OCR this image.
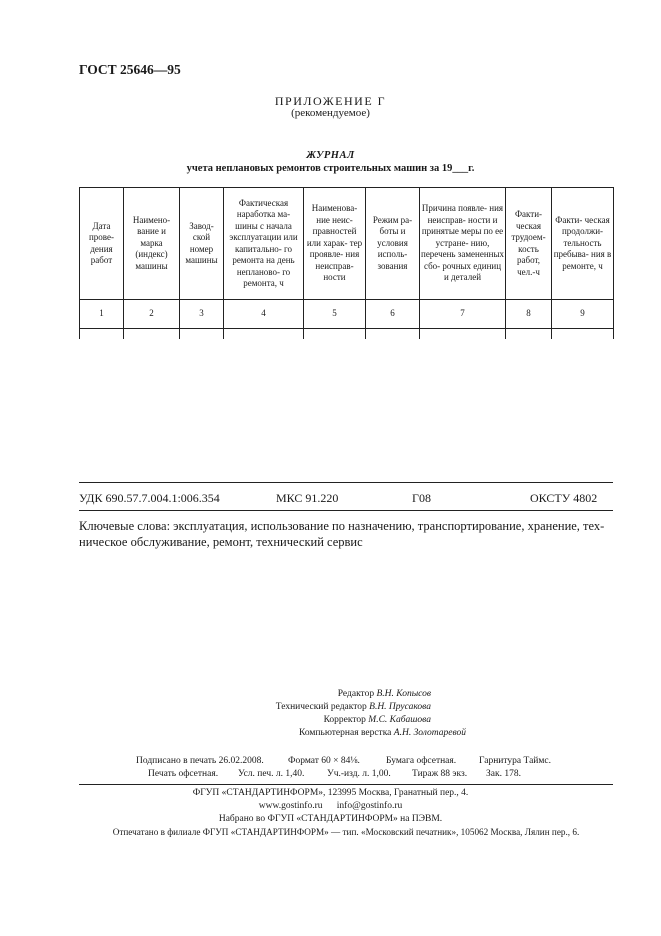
ГОСТ 25646—95
ПРИЛОЖЕНИЕ Г
(рекомендуемое)
ЖУРНАЛ
учета неплановых ремонтов строительных машин за 19___г.
Дата прове- дения работ	Наимено- вание и марка (индекс) машины	Завод- ской номер машины	Фактическая наработка ма- шины с начала эксплуатации или капитально- го ремонта на день непланово- го ремонта, ч	Наименова- ние неис- правностей или харак- тер проявле- ния неиспрaв- ности	Режим ра- боты и условия исполь- зования	Причина появле- ния неисправ- ности и принятые меры по ее устране- нию, перечень замененных сбо- рочных единиц и деталей	Факти- ческая трудоем- кость работ, чел.-ч	Факти- ческая продолжи- тельность пребыва- ния в ремонте, ч
1	2	3	4	5	6	7	8	9

УДК 690.57.7.004.1:006.354	МКС 91.220	Г08	ОКСТУ 4802
Ключевые слова: эксплуатация, использование по назначению, транспортирование, хранение, тех- ническое обслуживание, ремонт, технический сервис
Редактор В.Н. Копысов
Технический редактор В.Н. Прусакова
Корректор М.С. Кабашова
Компьютерная верстка А.Н. Золотаревой
Подписано в печать 26.02.2008.	Формат 60 × 84⅛.	Бумага офсетная. Гарнитура Таймс.
Печать офсетная. Усл. печ. л. 1,40. Уч.-изд. л. 1,00. Тираж 88 экз. Зак. 178.
ФГУП «СТАНДАРТИНФОРМ», 123995 Москва, Гранатный пер., 4.
www.gostinfo.ru info@gostinfo.ru
Набрано во ФГУП «СТАНДАРТИНФОРМ» на ПЭВМ.
Отпечатано в филиале ФГУП «СТАНДАРТИНФОРМ» — тип. «Московский печатник», 105062 Москва, Лялин пер., 6.
